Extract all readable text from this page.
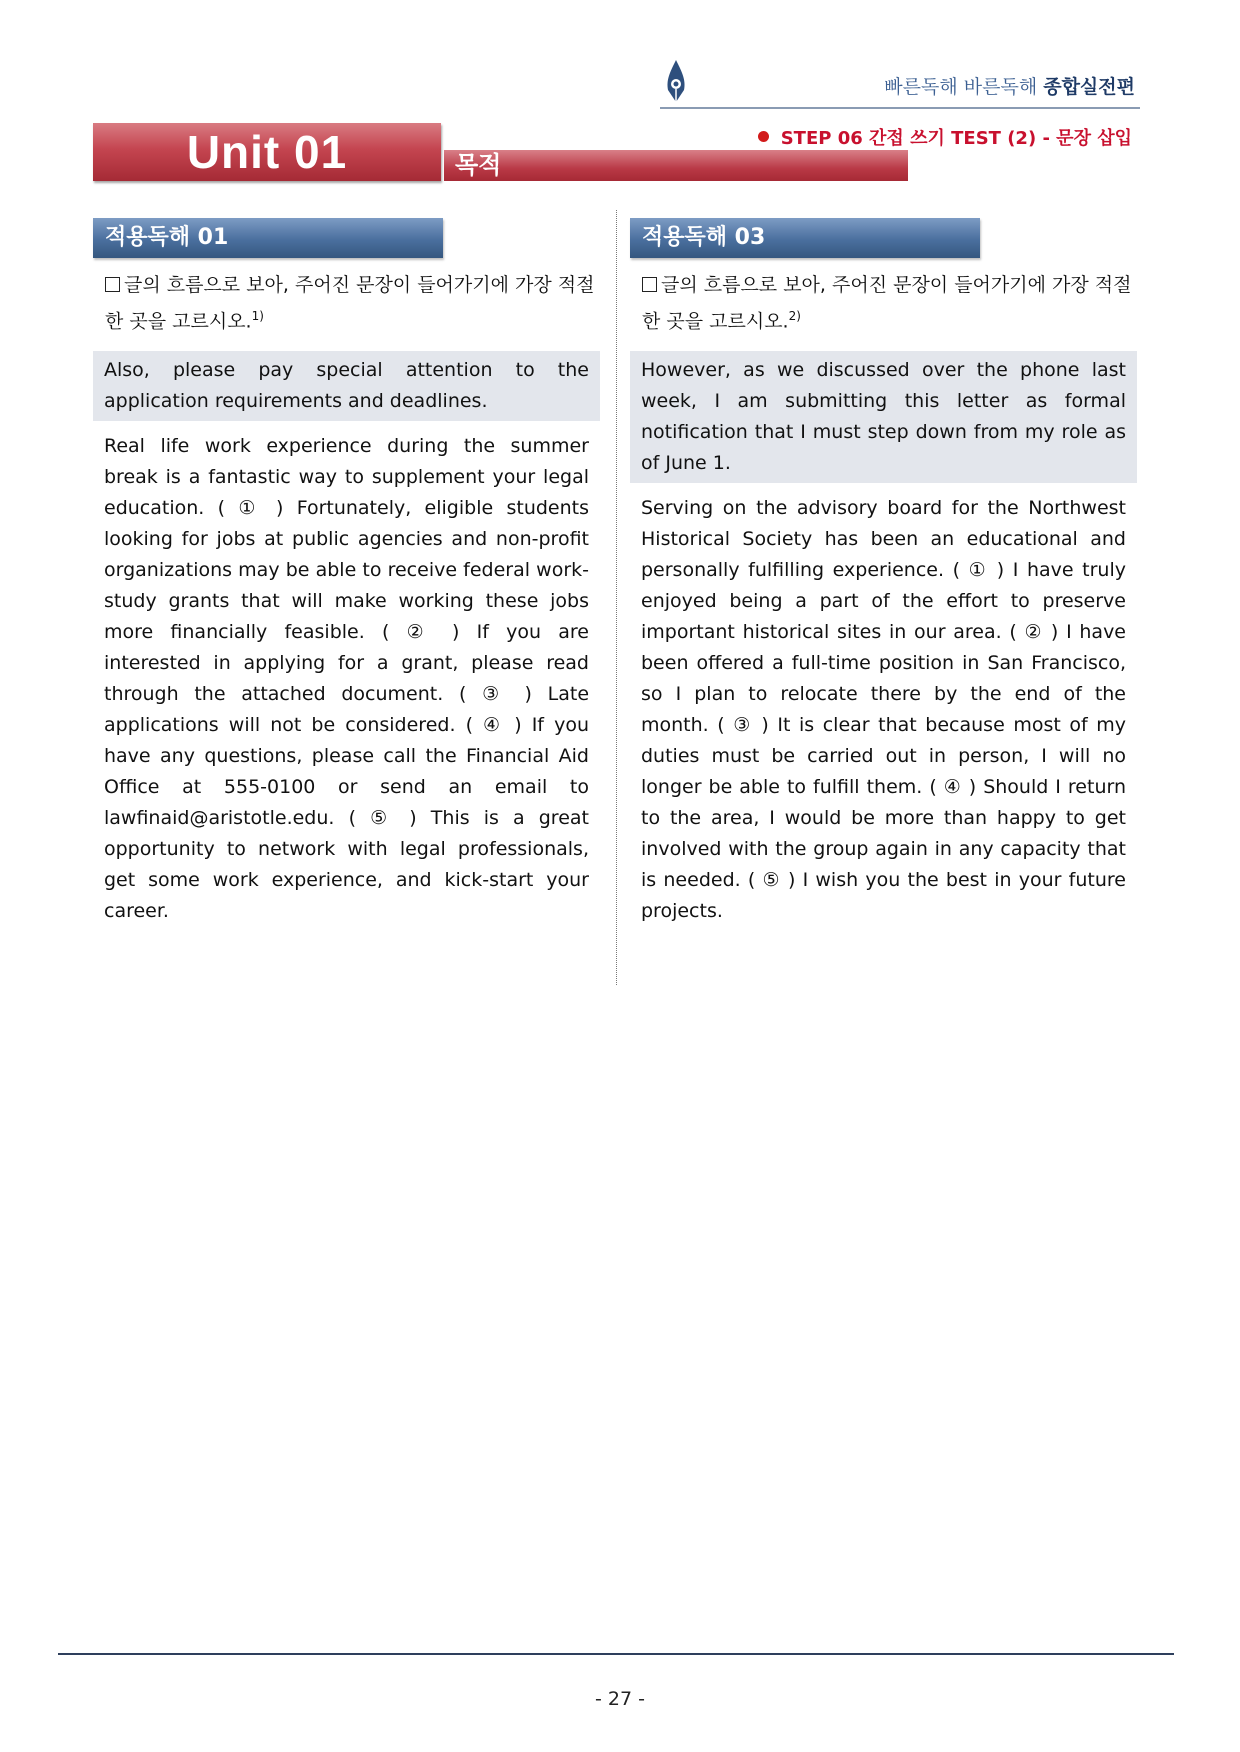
빠른독해 바른독해 종합실전편
Unit 01	목적
STEP 06 간접 쓰기 TEST (2) - 문장 삽입
적용독해 01
글의 흐름으로 보아, 주어진 문장이 들어가기에 가장 적절한 곳을 고르시오.$^{1)}$
Also, please pay special attention to the application requirements and deadlines.
Real life work experience during the summer break is a fantastic way to supplement your legal education. ( ① ) Fortunately, eligible students looking for jobs at public agencies and non-profit organizations may be able to receive federal work-study grants that will make working these jobs more financially feasible. ( ② ) If you are interested in applying for a grant, please read through the attached document. ( ③ ) Late applications will not be considered. ( ④ ) If you have any questions, please call the Financial Aid Office at 555-0100 or send an email to lawfinaid@aristotle.edu. ( ⑤ ) This is a great opportunity to network with legal professionals, get some work experience, and kick-start your career.
적용독해 03
글의 흐름으로 보아, 주어진 문장이 들어가기에 가장 적절한 곳을 고르시오.$^{2)}$
However, as we discussed over the phone last week, I am submitting this letter as formal notification that I must step down from my role as of June 1.
Serving on the advisory board for the Northwest Historical Society has been an educational and personally fulfilling experience. ( ① ) I have truly enjoyed being a part of the effort to preserve important historical sites in our area. ( ② ) I have been offered a full-time position in San Francisco, so I plan to relocate there by the end of the month. ( ③ ) It is clear that because most of my duties must be carried out in person, I will no longer be able to fulfill them. ( ④ ) Should I return to the area, I would be more than happy to get involved with the group again in any capacity that is needed. ( ⑤ ) I wish you the best in your future projects.
- 27 -
